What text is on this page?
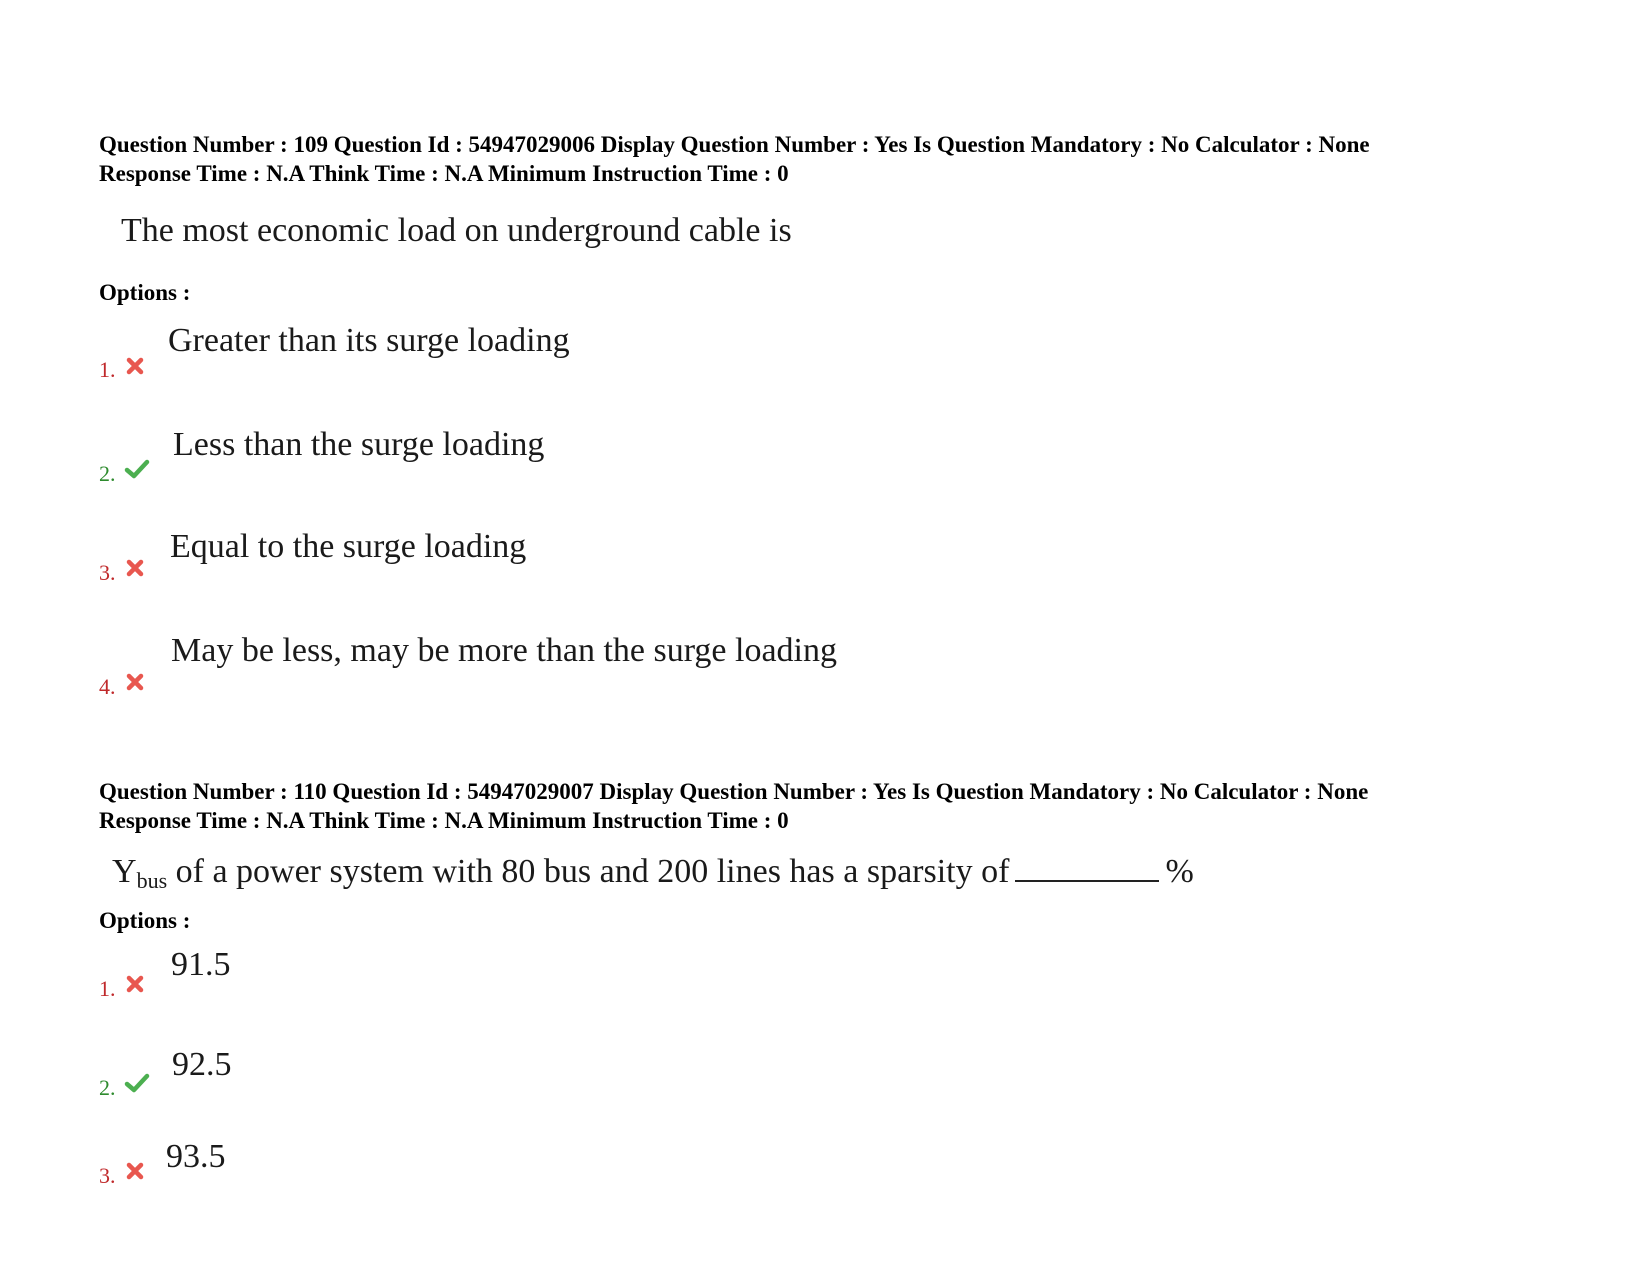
Question Number : 109 Question Id : 54947029006 Display Question Number : Yes Is Question Mandatory : No Calculator : None
Response Time : N.A Think Time : N.A Minimum Instruction Time : 0
The most economic load on underground cable is
Options :
1.
Greater than its surge loading
2.
Less than the surge loading
3.
Equal to the surge loading
4.
May be less, may be more than the surge loading
Question Number : 110 Question Id : 54947029007 Display Question Number : Yes Is Question Mandatory : No Calculator : None
Response Time : N.A Think Time : N.A Minimum Instruction Time : 0
$Y_{bus}$ of a power system with 80 bus and 200 lines has a sparsity of	%
Options :
1.
91.5
2.
92.5
3.
93.5
